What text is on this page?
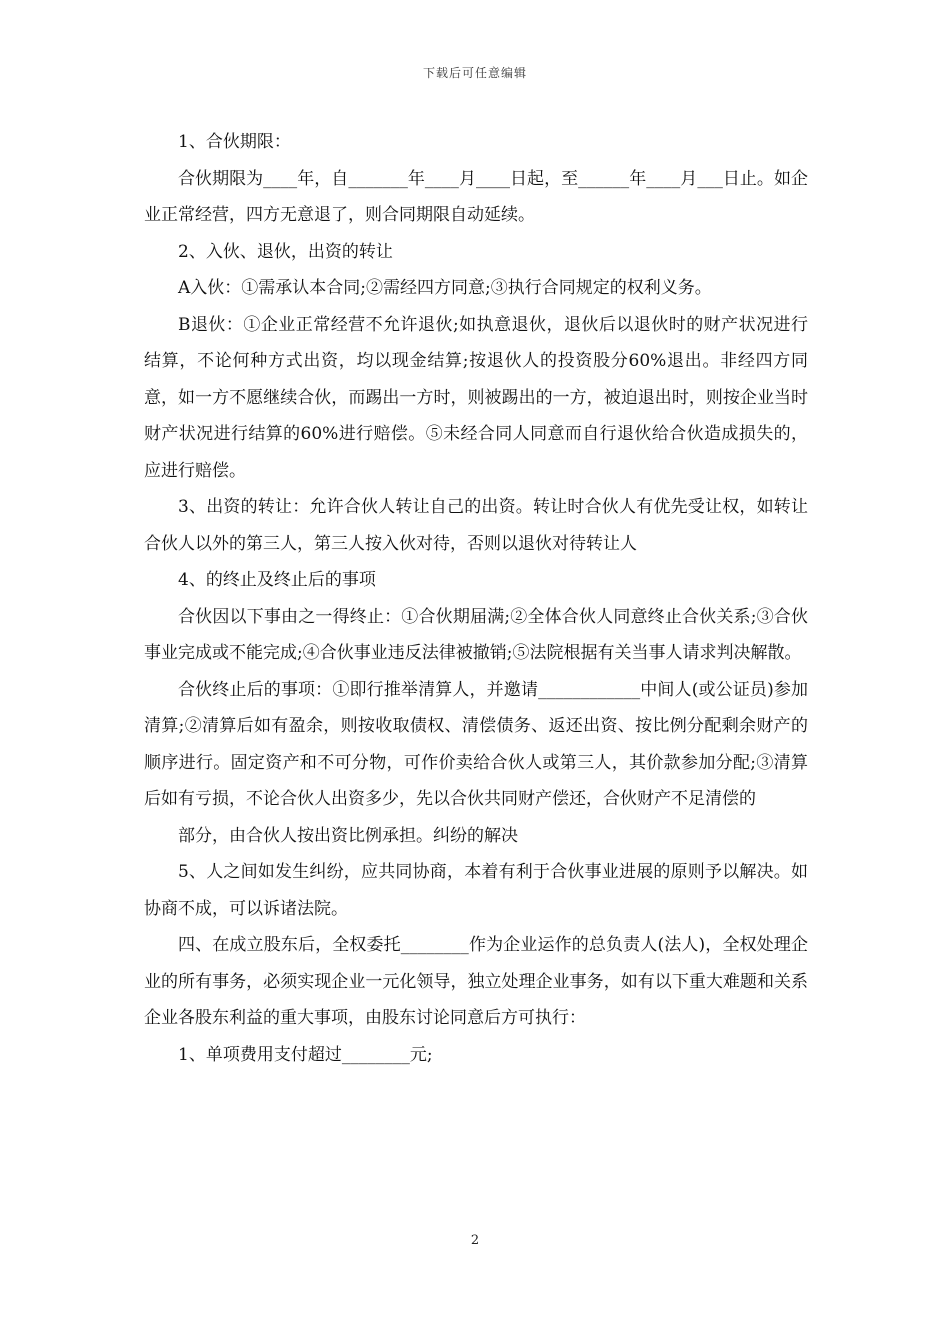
下载后可任意编辑

1、合伙期限：

合伙期限为____年，自_______年____月____日起，至______年____月___日止。如企业正常经营，四方无意退了，则合同期限自动延续。

2、入伙、退伙，出资的转让

A入伙：①需承认本合同;②需经四方同意;③执行合同规定的权利义务。

B退伙：①企业正常经营不允许退伙;如执意退伙，退伙后以退伙时的财产状况进行结算，不论何种方式出资，均以现金结算;按退伙人的投资股分60%退出。非经四方同意，如一方不愿继续合伙，而踢出一方时，则被踢出的一方，被迫退出时，则按企业当时财产状况进行结算的60%进行赔偿。⑤未经合同人同意而自行退伙给合伙造成损失的，应进行赔偿。

3、出资的转让：允许合伙人转让自己的出资。转让时合伙人有优先受让权，如转让合伙人以外的第三人，第三人按入伙对待，否则以退伙对待转让人

4、的终止及终止后的事项

合伙因以下事由之一得终止：①合伙期届满;②全体合伙人同意终止合伙关系;③合伙事业完成或不能完成;④合伙事业违反法律被撤销;⑤法院根据有关当事人请求判决解散。

合伙终止后的事项：①即行推举清算人，并邀请____________中间人(或公证员)参加清算;②清算后如有盈余，则按收取债权、清偿债务、返还出资、按比例分配剩余财产的顺序进行。固定资产和不可分物，可作价卖给合伙人或第三人，其价款参加分配;③清算后如有亏损，不论合伙人出资多少，先以合伙共同财产偿还，合伙财产不足清偿的

部分，由合伙人按出资比例承担。纠纷的解决

5、人之间如发生纠纷，应共同协商，本着有利于合伙事业进展的原则予以解决。如协商不成，可以诉诸法院。

四、在成立股东后，全权委托________作为企业运作的总负责人(法人)，全权处理企业的所有事务，必须实现企业一元化领导，独立处理企业事务，如有以下重大难题和关系企业各股东利益的重大事项，由股东讨论同意后方可执行：

1、单项费用支付超过________元;

2
